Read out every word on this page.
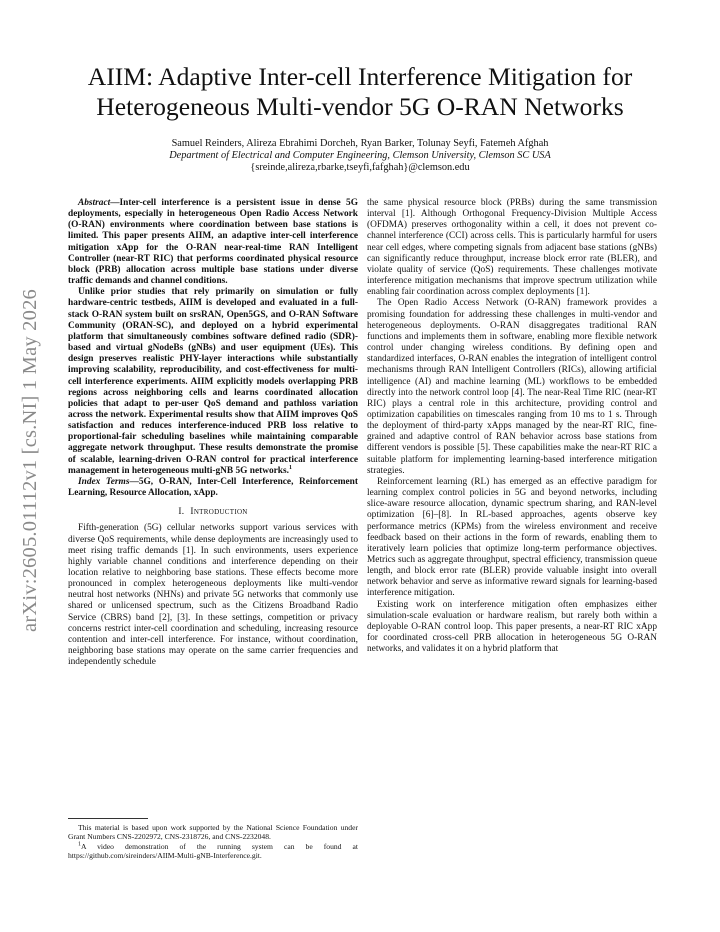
arXiv:2605.01112v1 [cs.NI] 1 May 2026
AIIM: Adaptive Inter-cell Interference Mitigation for
Heterogeneous Multi-vendor 5G O-RAN Networks
Samuel Reinders, Alireza Ebrahimi Dorcheh, Ryan Barker, Tolunay Seyfi, Fatemeh Afghah
Department of Electrical and Computer Engineering, Clemson University, Clemson SC USA
{sreinde,alireza,rbarke,tseyfi,fafghah}@clemson.edu

Abstract—Inter-cell interference is a persistent issue in dense 5G deployments, especially in heterogeneous Open Radio Access Network (O-RAN) environments where coordination between base stations is limited. This paper presents AIIM, an adaptive inter-cell interference mitigation xApp for the O-RAN near-real-time RAN Intelligent Controller (near-RT RIC) that performs coordinated physical resource block (PRB) allocation across multiple base stations under diverse traffic demands and channel conditions.

Unlike prior studies that rely primarily on simulation or fully hardware-centric testbeds, AIIM is developed and evaluated in a full-stack O-RAN system built on srsRAN, Open5GS, and O-RAN Software Community (ORAN-SC), and deployed on a hybrid experimental platform that simultaneously combines software defined radio (SDR)-based and virtual gNodeBs (gNBs) and user equipment (UEs). This design preserves realistic PHY-layer interactions while substantially improving scalability, reproducibility, and cost-effectiveness for multi-cell interference experiments. AIIM explicitly models overlapping PRB regions across neighboring cells and learns coordinated allocation policies that adapt to per-user QoS demand and pathloss variation across the network. Experimental results show that AIIM improves QoS satisfaction and reduces interference-induced PRB loss relative to proportional-fair scheduling baselines while maintaining comparable aggregate network throughput. These results demonstrate the promise of scalable, learning-driven O-RAN control for practical interference management in heterogeneous multi-gNB 5G networks.$^1$

Index Terms—5G, O-RAN, Inter-Cell Interference, Reinforcement Learning, Resource Allocation, xApp.

I. Introduction

Fifth-generation (5G) cellular networks support various services with diverse QoS requirements, while dense deployments are increasingly used to meet rising traffic demands [1]. In such environments, users experience highly variable channel conditions and interference depending on their location relative to neighboring base stations. These effects become more pronounced in complex heterogeneous deployments like multi-vendor neutral host networks (NHNs) and private 5G networks that commonly use shared or unlicensed spectrum, such as the Citizens Broadband Radio Service (CBRS) band [2], [3]. In these settings, competition or privacy concerns restrict inter-cell coordination and scheduling, increasing resource contention and inter-cell interference. For instance, without coordination, neighboring base stations may operate on the same carrier frequencies and independently schedule

This material is based upon work supported by the National Science Foundation under Grant Numbers CNS-2202972, CNS-2318726, and CNS-2232048.

$^1$A video demonstration of the running system can be found at https://github.com/sireinders/AIIM-Multi-gNB-Interference.git.

the same physical resource block (PRBs) during the same transmission interval [1]. Although Orthogonal Frequency-Division Multiple Access (OFDMA) preserves orthogonality within a cell, it does not prevent co-channel interference (CCI) across cells. This is particularly harmful for users near cell edges, where competing signals from adjacent base stations (gNBs) can significantly reduce throughput, increase block error rate (BLER), and violate quality of service (QoS) requirements. These challenges motivate interference mitigation mechanisms that improve spectrum utilization while enabling fair coordination across complex deployments [1].

The Open Radio Access Network (O-RAN) framework provides a promising foundation for addressing these challenges in multi-vendor and heterogeneous deployments. O-RAN disaggregates traditional RAN functions and implements them in software, enabling more flexible network control under changing wireless conditions. By defining open and standardized interfaces, O-RAN enables the integration of intelligent control mechanisms through RAN Intelligent Controllers (RICs), allowing artificial intelligence (AI) and machine learning (ML) workflows to be embedded directly into the network control loop [4]. The near-Real Time RIC (near-RT RIC) plays a central role in this architecture, providing control and optimization capabilities on timescales ranging from 10 ms to 1 s. Through the deployment of third-party xApps managed by the near-RT RIC, fine-grained and adaptive control of RAN behavior across base stations from different vendors is possible [5]. These capabilities make the near-RT RIC a suitable platform for implementing learning-based interference mitigation strategies.

Reinforcement learning (RL) has emerged as an effective paradigm for learning complex control policies in 5G and beyond networks, including slice-aware resource allocation, dynamic spectrum sharing, and RAN-level optimization [6]–[8]. In RL-based approaches, agents observe key performance metrics (KPMs) from the wireless environment and receive feedback based on their actions in the form of rewards, enabling them to iteratively learn policies that optimize long-term performance objectives. Metrics such as aggregate throughput, spectral efficiency, transmission queue length, and block error rate (BLER) provide valuable insight into overall network behavior and serve as informative reward signals for learning-based interference mitigation.

Existing work on interference mitigation often emphasizes either simulation-scale evaluation or hardware realism, but rarely both within a deployable O-RAN control loop. This paper presents, a near-RT RIC xApp for coordinated cross-cell PRB allocation in heterogeneous 5G O-RAN networks, and validates it on a hybrid platform that
